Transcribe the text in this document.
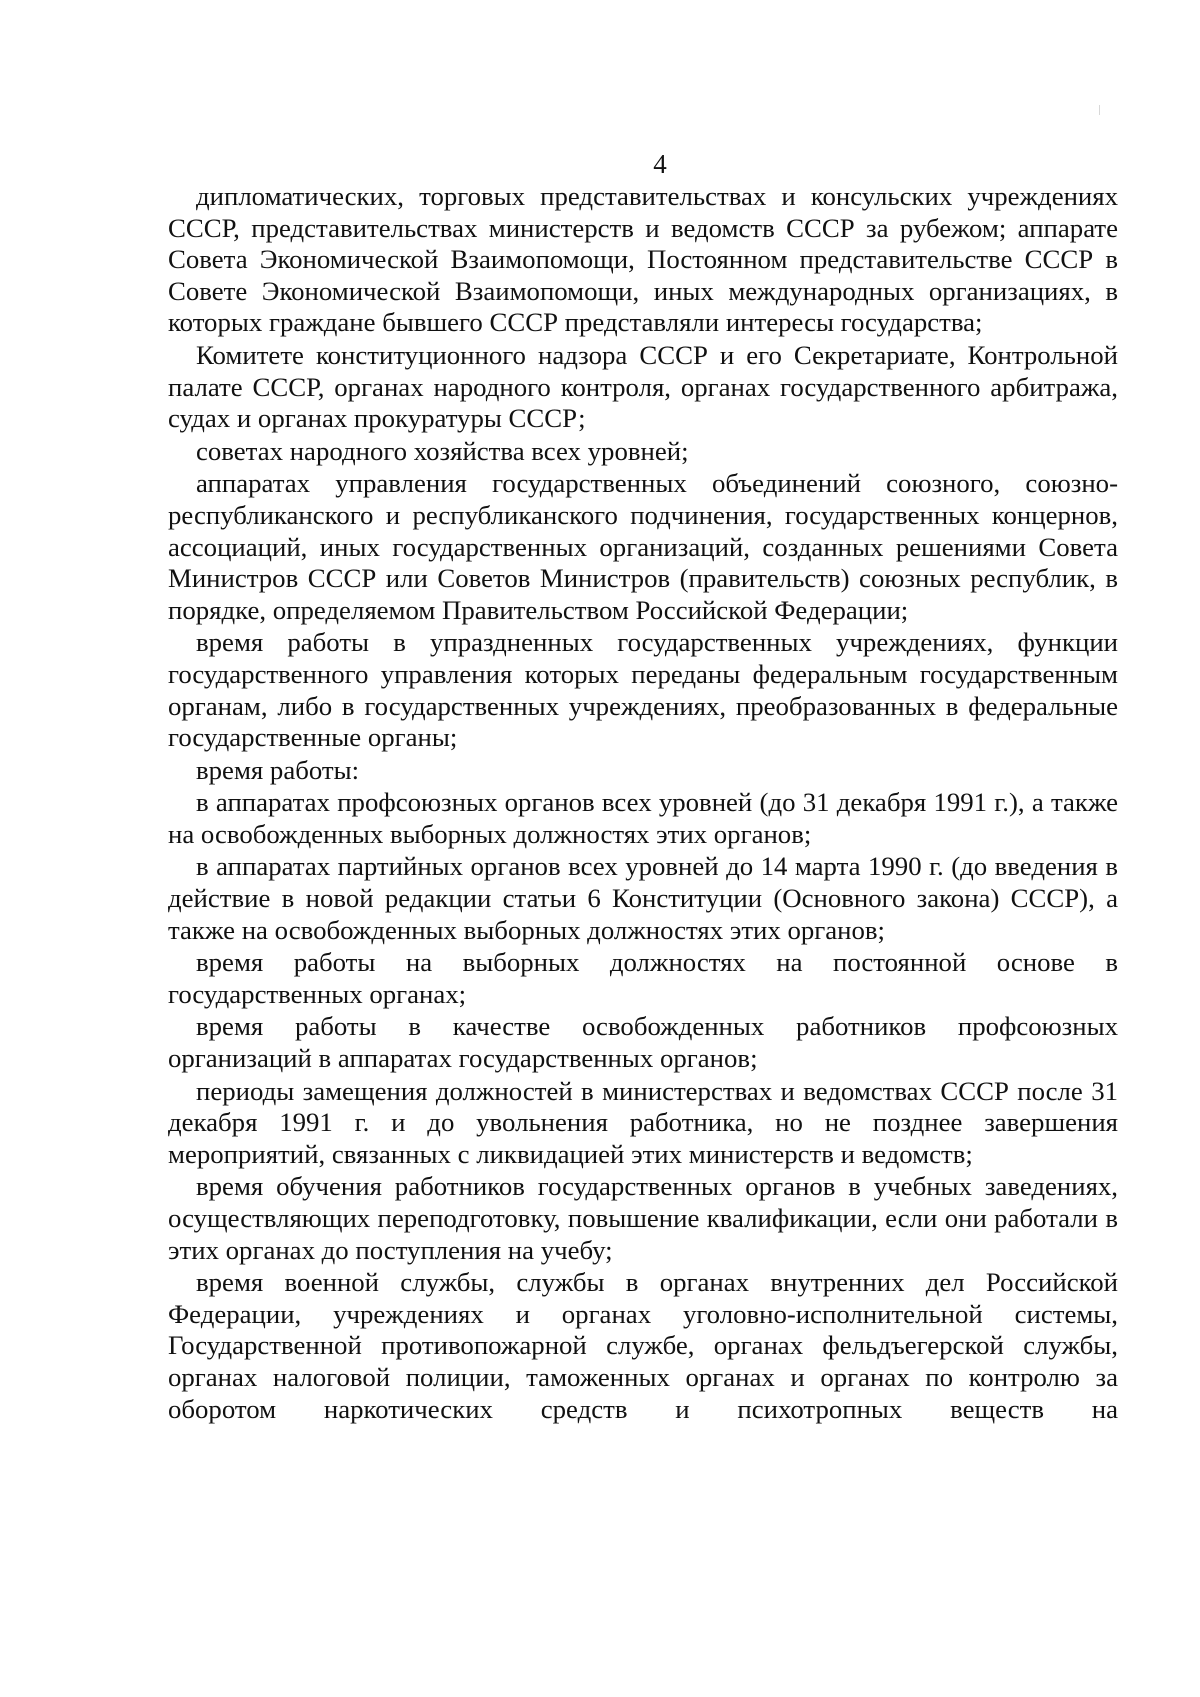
4

дипломатических, торговых представительствах и консульских учреждениях СССР, представительствах министерств и ведомств СССР за рубежом; аппарате Совета Экономической Взаимопомощи, Постоянном представительстве СССР в Совете Экономической Взаимопомощи, иных международных организациях, в которых граждане бывшего СССР представляли интересы государства;

Комитете конституционного надзора СССР и его Секретариате, Контрольной палате СССР, органах народного контроля, органах государственного арбитража, судах и органах прокуратуры СССР;

советах народного хозяйства всех уровней;

аппаратах управления государственных объединений союзного, союзно-республиканского и республиканского подчинения, государственных концернов, ассоциаций, иных государственных организаций, созданных решениями Совета Министров СССР или Советов Министров (правительств) союзных республик, в порядке, определяемом Правительством Российской Федерации;

время работы в упраздненных государственных учреждениях, функции государственного управления которых переданы федеральным государственным органам, либо в государственных учреждениях, преобразованных в федеральные государственные органы;

время работы:

в аппаратах профсоюзных органов всех уровней (до 31 декабря 1991 г.), а также на освобожденных выборных должностях этих органов;

в аппаратах партийных органов всех уровней до 14 марта 1990 г. (до введения в действие в новой редакции статьи 6 Конституции (Основного закона) СССР), а также на освобожденных выборных должностях этих органов;

время работы на выборных должностях на постоянной основе в государственных органах;

время работы в качестве освобожденных работников профсоюзных организаций в аппаратах государственных органов;

периоды замещения должностей в министерствах и ведомствах СССР после 31 декабря 1991 г. и до увольнения работника, но не позднее завершения мероприятий, связанных с ликвидацией этих министерств и ведомств;

время обучения работников государственных органов в учебных заведениях, осуществляющих переподготовку, повышение квалификации, если они работали в этих органах до поступления на учебу;

время военной службы, службы в органах внутренних дел Российской Федерации, учреждениях и органах уголовно-исполнительной системы, Государственной противопожарной службе, органах фельдъегерской службы, органах налоговой полиции, таможенных органах и органах по контролю за оборотом наркотических средств и психотропных веществ на
